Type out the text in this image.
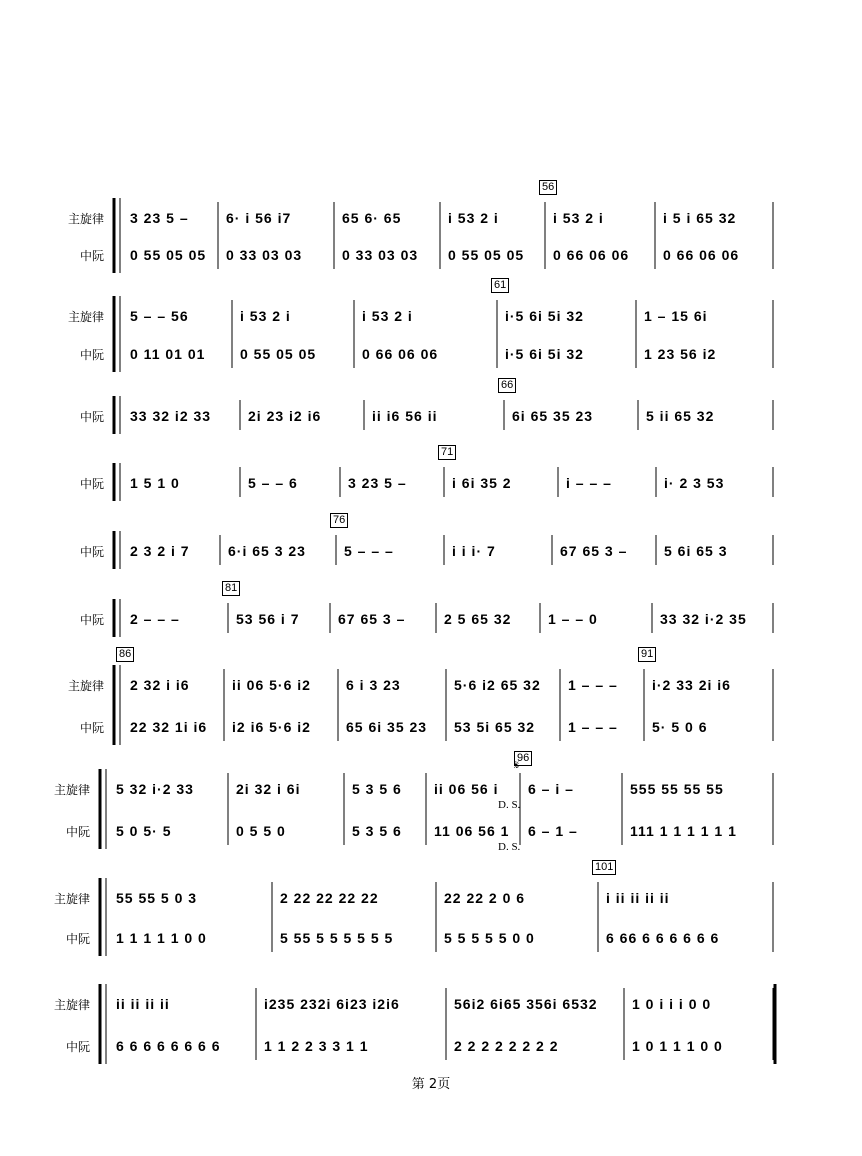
56
主旋律 3 23 5 –	6· i 56 i7	65 6· 65	i 53 2 i	i 53 2 i	i 5 i 65 32
中阮 0 55 05 05	0 33 03 03	0 33 03 03	0 55 05 05	0 66 06 06	0 66 06 06
61
主旋律 5 – – 56	i 53 2 i	i 53 2 i	i·5 6i 5i 32	1 – 15 6i
中阮 0 11 01 01	0 55 05 05	0 66 06 06	i·5 6i 5i 32	1 23 56 i2
66
中阮 33 32 i2 33	2i 23 i2 i6	ii i6 56 ii	6i 65 35 23	5 ii 65 32
71
中阮 1 5 1 0	5 – – 6	3 23 5 –	i 6i 35 2	i – – –	i· 2 3 53
76
中阮 2 3 2 i 7	6·i 65 3 23	5 – – –	i i i· 7	67 65 3 –	5 6i 65 3
81
中阮 2 – – –	53 56 i 7	67 65 3 –	2 5 65 32	1 – – 0	33 32 i·2 35
86	91
主旋律 2 32 i i6	ii 06 5·6 i2	6 i 3 23	5·6 i2 65 32	1 – – –	i·2 33 2i i6
中阮 22 32 1i i6	i2 i6 5·6 i2	65 6i 35 23	53 5i 65 32	1 – – –	5· 5 0 6
96
𝄋
主旋律 5 32 i·2 33	2i 32 i 6i	5 3 5 6	ii 06 56 i	6 – i –	555 55 55 55
D. S.
中阮 5 0 5· 5	0 5 5 0	5 3 5 6	11 06 56 1	6 – 1 –	111 1 1 1 1 1 1
D. S.
101
主旋律 55 55 5 0 3	2 22 22 22 22	22 22 2 0 6	i ii ii ii ii
中阮 1 1 1 1 1 0 0	5 55 5 5 5 5 5 5	5 5 5 5 5 0 0	6 66 6 6 6 6 6 6
主旋律 ii ii ii ii	i235 232i 6i23 i2i6	56i2 6i65 356i 6532	1 0 i i i 0 0
中阮 6 6 6 6 6 6 6 6	1 1 2 2 3 3 1 1	2 2 2 2 2 2 2 2	1 0 1 1 1 0 0
第 2页
